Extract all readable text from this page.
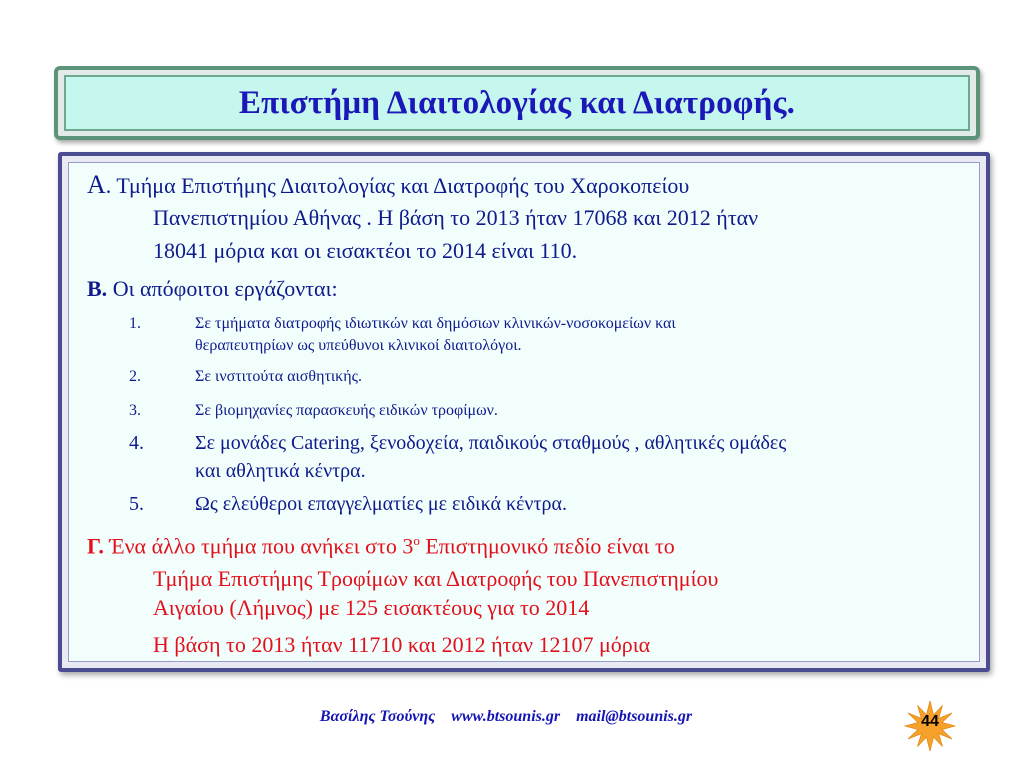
Επιστήμη Διαιτολογίας και Διατροφής.
Α. Τμήμα Επιστήμης Διαιτολογίας και Διατροφής του Χαροκοπείου
Πανεπιστημίου Αθήνας . Η βάση το 2013 ήταν 17068 και 2012 ήταν
18041 μόρια και οι εισακτέοι το 2014 είναι 110.
Β. Οι απόφοιτοι εργάζονται:
1.	Σε τμήματα διατροφής ιδιωτικών και δημόσιων κλινικών-νοσοκομείων και
θεραπευτηρίων ως υπεύθυνοι κλινικοί διαιτολόγοι.
2.	Σε ινστιτούτα αισθητικής.
3.	Σε βιομηχανίες παρασκευής ειδικών τροφίμων.
4.	Σε μονάδες Catering, ξενοδοχεία, παιδικούς σταθμούς , αθλητικές ομάδες
και αθλητικά κέντρα.
5.	Ως ελεύθεροι επαγγελματίες με ειδικά κέντρα.
Γ. Ένα άλλο τμήμα που ανήκει στο $3^o$ Επιστημονικό πεδίο είναι το
Τμήμα Επιστήμης Τροφίμων και Διατροφής του Πανεπιστημίου
Αιγαίου (Λήμνος) με 125 εισακτέους για το 2014
Η βάση το 2013 ήταν 11710 και 2012 ήταν 12107 μόρια
Βασίλης Τσούνης www.btsounis.gr mail@btsounis.gr	44
